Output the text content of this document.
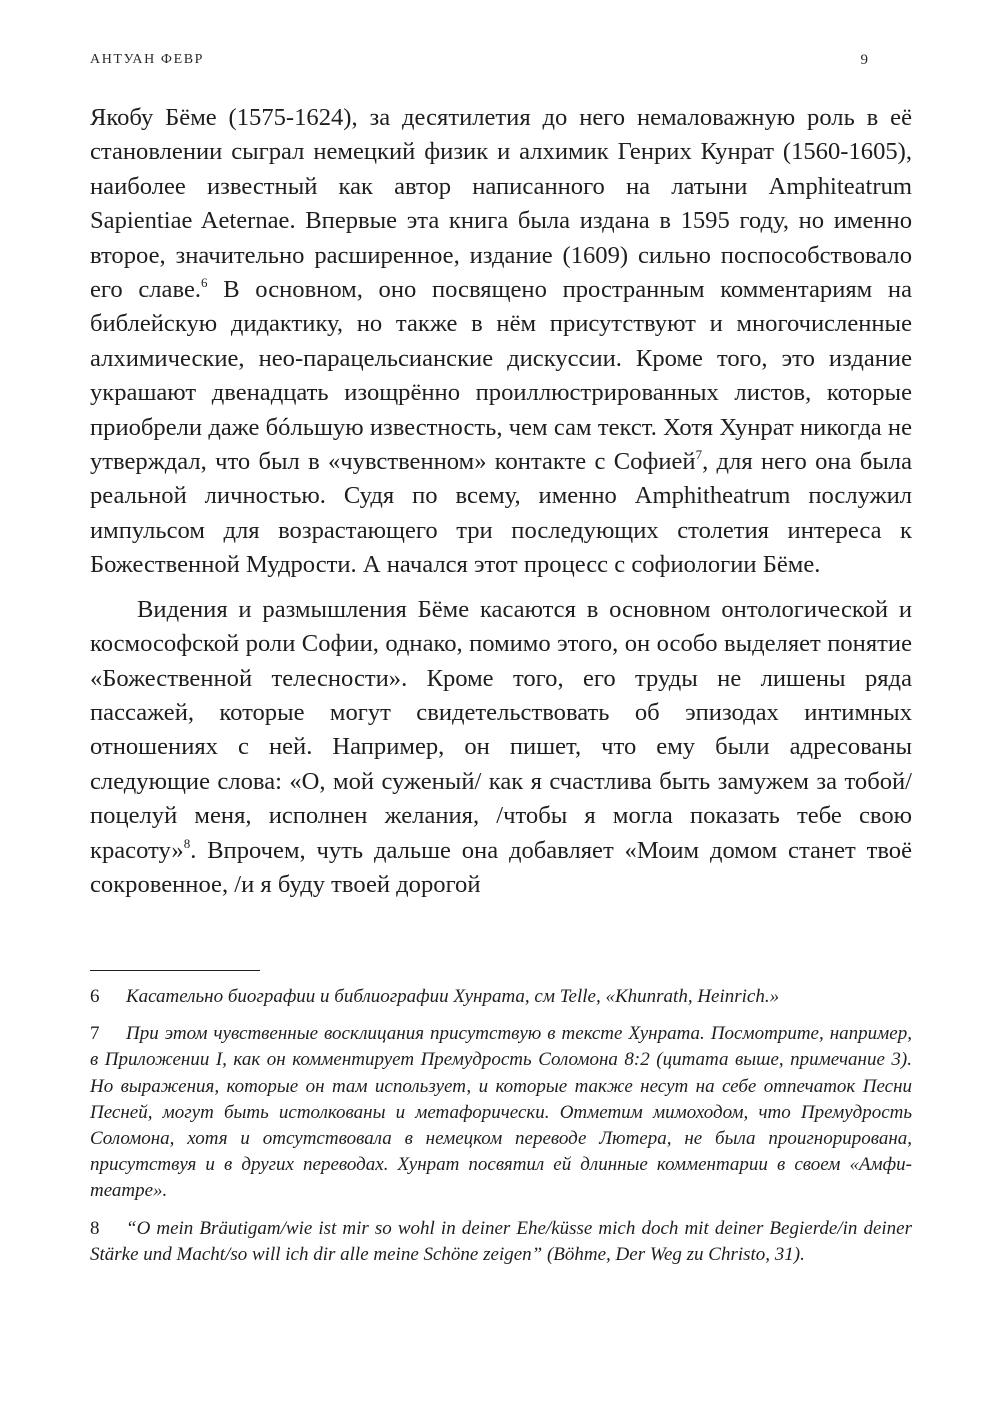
АНТУАН ФЕВР	9

Якобу Бёме (1575-1624), за десятилетия до него немаловажную роль в её становлении сыграл немецкий физик и алхимик Генрих Кунрат (1560-1605), наиболее известный как автор написанного на латыни Amphiteatrum Sapientiae Aeternae. Впервые эта книга была издана в 1595 году, но именно второе, значительно расширенное, издание (1609) сильно поспособствовало его славе.$^6$ В основном, оно посвящено пространным комментариям на библейскую дидактику, но также в нём присутствуют и многочисленные алхимические, нео-парацельсианские дискуссии. Кроме того, это издание украшают двенадцать изощрённо проиллюстрированных листов, которые приобрели даже бóльшую известность, чем сам текст. Хотя Хунрат никогда не утверждал, что был в «чувственном» контакте с Софией$^7$, для него она была реальной личностью. Судя по всему, именно Amphitheatrum послужил импульсом для возрастающего три последующих столетия интереса к Божественной Мудрости. А начался этот процесс с софиологии Бёме.

Видения и размышления Бёме касаются в основном онтологической и космософской роли Софии, однако, помимо этого, он особо выделяет понятие «Божественной телесности». Кроме того, его труды не лишены ряда пассажей, которые могут свидетельствовать об эпизодах интимных отношениях с ней. Например, он пишет, что ему были адресованы следующие слова: «О, мой суженый/ как я счастлива быть замужем за тобой/ поцелуй меня, исполнен желания, /чтобы я могла показать тебе свою красоту»$^8$. Впрочем, чуть дальше она добавляет «Моим домом станет твоё сокровенное, /и я буду твоей дорогой

6 Касательно биографии и библиографии Хунрата, см Telle, «Khunrath, Heinrich.»

7 При этом чувственные восклицания присутствую в тексте Хунрата. Посмотрите, например, в Приложении I, как он комментирует Премудрость Соломона 8:2 (цитата выше, примечание 3). Но выражения, которые он там использует, и которые также несут на себе отпечаток Песни Песней, могут быть истолкованы и метафорически. Отметим мимоходом, что Премудрость Соломона, хотя и отсутствовала в немецком переводе Лютера, не была проигнорирована, присутствуя и в других переводах. Хунрат посвятил ей длинные комментарии в своем «Амфитеатре».

8 “O mein Bräutigam/wie ist mir so wohl in deiner Ehe/küsse mich doch mit deiner Begierde/in deiner Stärke und Macht/so will ich dir alle meine Schöne zeigen” (Böhme, Der Weg zu Christo, 31).
